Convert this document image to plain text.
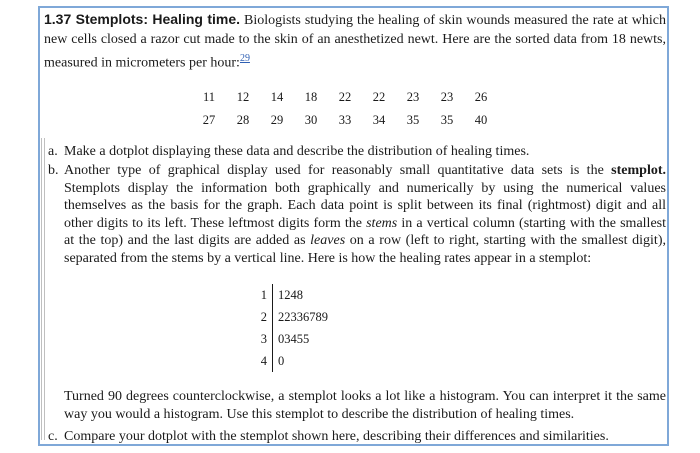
1.37 Stemplots: Healing time. Biologists studying the healing of skin wounds measured the rate at which new cells closed a razor cut made to the skin of an anesthetized newt. Here are the sorted data from 18 newts, measured in micrometers per hour:$^{29}$
11	12	14	18	22	22	23	23	26
27	28	29	30	33	34	35	35	40
a. Make a dotplot displaying these data and describe the distribution of healing times.
b. Another type of graphical display used for reasonably small quantitative data sets is the stemplot. Stemplots display the information both graphically and numerically by using the numerical values themselves as the basis for the graph. Each data point is split between its final (rightmost) digit and all other digits to its left. These leftmost digits form the stems in a vertical column (starting with the smallest at the top) and the last digits are added as leaves on a row (left to right, starting with the smallest digit), separated from the stems by a vertical line. Here is how the healing rates appear in a stemplot:
1 1248
2 22336789
3 03455
4 0
Turned 90 degrees counterclockwise, a stemplot looks a lot like a histogram. You can interpret it the same way you would a histogram. Use this stemplot to describe the distribution of healing times.
c. Compare your dotplot with the stemplot shown here, describing their differences and similarities.
